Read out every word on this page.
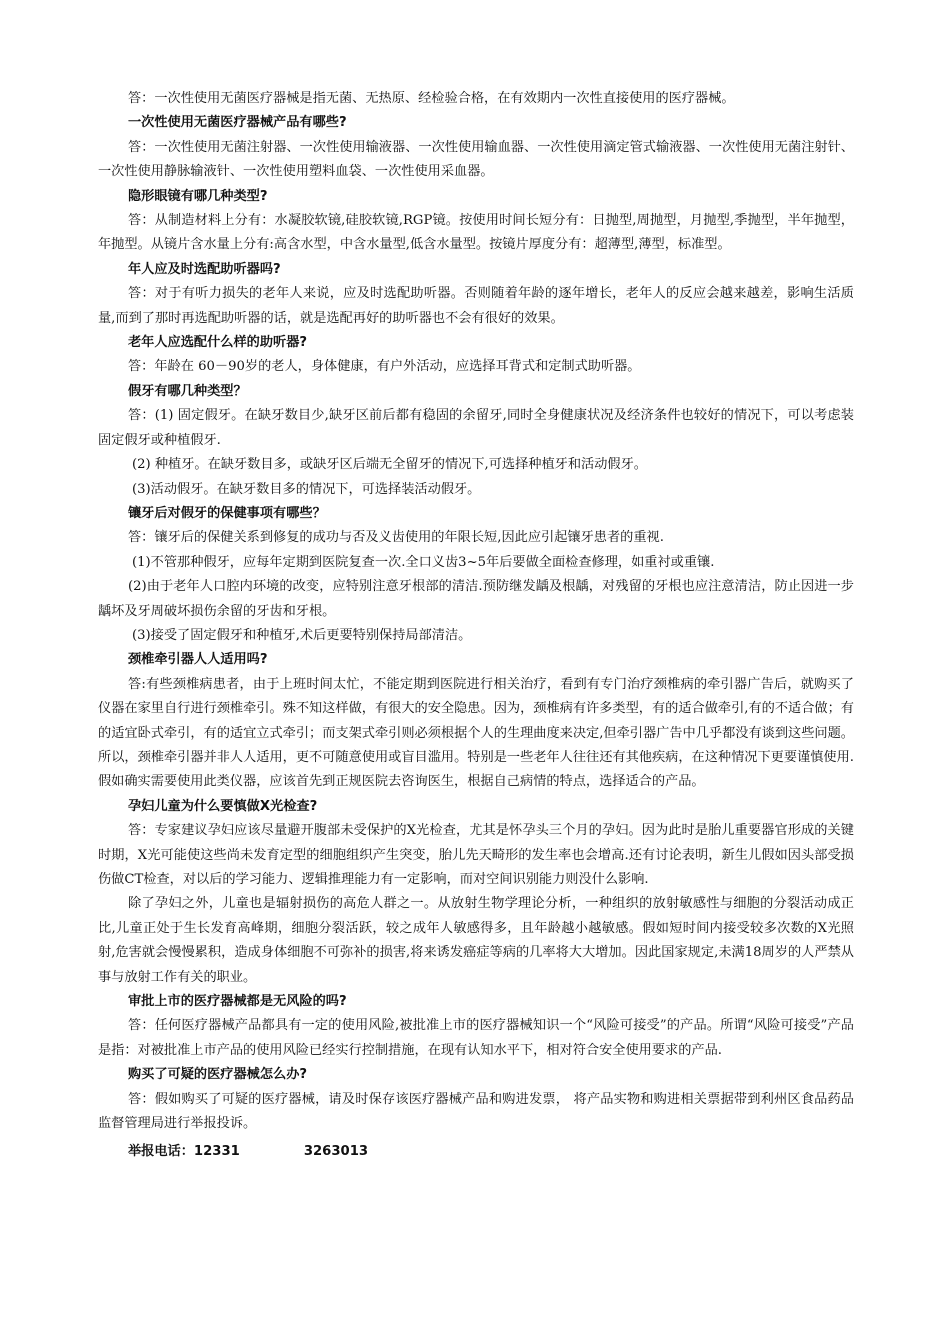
答：一次性使用无菌医疗器械是指无菌、无热原、经检验合格，在有效期内一次性直接使用的医疗器械。

一次性使用无菌医疗器械产品有哪些?

答：一次性使用无菌注射器、一次性使用输液器、一次性使用输血器、一次性使用滴定管式输液器、一次性使用无菌注射针、一次性使用静脉输液针、一次性使用塑料血袋、一次性使用采血器。

隐形眼镜有哪几种类型?

答：从制造材料上分有：水凝胶软镜,硅胶软镜,RGP镜。按使用时间长短分有：日抛型,周抛型，月抛型,季抛型，半年抛型，年抛型。从镜片含水量上分有:高含水型，中含水量型,低含水量型。按镜片厚度分有：超薄型,薄型，标准型。

年人应及时选配助听器吗?

答：对于有听力损失的老年人来说，应及时选配助听器。否则随着年龄的逐年增长，老年人的反应会越来越差，影响生活质量,而到了那时再选配助听器的话，就是选配再好的助听器也不会有很好的效果。

老年人应选配什么样的助听器?

答：年龄在 60－90岁的老人，身体健康，有户外活动，应选择耳背式和定制式助听器。

假牙有哪几种类型？

答：(1) 固定假牙。在缺牙数目少,缺牙区前后都有稳固的余留牙,同时全身健康状况及经济条件也较好的情况下，可以考虑装固定假牙或种植假牙.

(2) 种植牙。在缺牙数目多，或缺牙区后端无全留牙的情况下,可选择种植牙和活动假牙。

(3)活动假牙。在缺牙数目多的情况下，可选择装活动假牙。

镶牙后对假牙的保健事项有哪些？

答：镶牙后的保健关系到修复的成功与否及义齿使用的年限长短,因此应引起镶牙患者的重视.

(1)不管那种假牙，应每年定期到医院复查一次.全口义齿3~5年后要做全面检查修理，如重衬或重镶.

(2)由于老年人口腔内环境的改变，应特别注意牙根部的清洁.预防继发龋及根龋，对残留的牙根也应注意清洁，防止因进一步龋坏及牙周破坏损伤余留的牙齿和牙根。

(3)接受了固定假牙和种植牙,术后更要特别保持局部清洁。

颈椎牵引器人人适用吗?

答:有些颈椎病患者，由于上班时间太忙，不能定期到医院进行相关治疗，看到有专门治疗颈椎病的牵引器广告后，就购买了仪器在家里自行进行颈椎牵引。殊不知这样做，有很大的安全隐患。因为，颈椎病有许多类型，有的适合做牵引,有的不适合做；有的适宜卧式牵引，有的适宜立式牵引；而支架式牵引则必须根据个人的生理曲度来决定,但牵引器广告中几乎都没有谈到这些问题。所以，颈椎牵引器并非人人适用，更不可随意使用或盲目滥用。特别是一些老年人往往还有其他疾病，在这种情况下更要谨慎使用.假如确实需要使用此类仪器，应该首先到正规医院去咨询医生，根据自己病情的特点，选择适合的产品。

孕妇儿童为什么要慎做X光检查?

答：专家建议孕妇应该尽量避开腹部未受保护的X光检查，尤其是怀孕头三个月的孕妇。因为此时是胎儿重要器官形成的关键时期，X光可能使这些尚未发育定型的细胞组织产生突变，胎儿先天畸形的发生率也会增高.还有讨论表明，新生儿假如因头部受损伤做CT检查，对以后的学习能力、逻辑推理能力有一定影响，而对空间识别能力则没什么影响.

除了孕妇之外，儿童也是辐射损伤的高危人群之一。从放射生物学理论分析，一种组织的放射敏感性与细胞的分裂活动成正比,儿童正处于生长发育高峰期，细胞分裂活跃，较之成年人敏感得多，且年龄越小越敏感。假如短时间内接受较多次数的X光照射,危害就会慢慢累积，造成身体细胞不可弥补的损害,将来诱发癌症等病的几率将大大增加。因此国家规定,未满18周岁的人严禁从事与放射工作有关的职业。

审批上市的医疗器械都是无风险的吗?

答：任何医疗器械产品都具有一定的使用风险,被批准上市的医疗器械知识一个“风险可接受”的产品。所谓“风险可接受”产品是指：对被批准上市产品的使用风险已经实行控制措施，在现有认知水平下，相对符合安全使用要求的产品.

购买了可疑的医疗器械怎么办?

答：假如购买了可疑的医疗器械，请及时保存该医疗器械产品和购进发票， 将产品实物和购进相关票据带到利州区食品药品监督管理局进行举报投诉。

举报电话：12331	3263013
